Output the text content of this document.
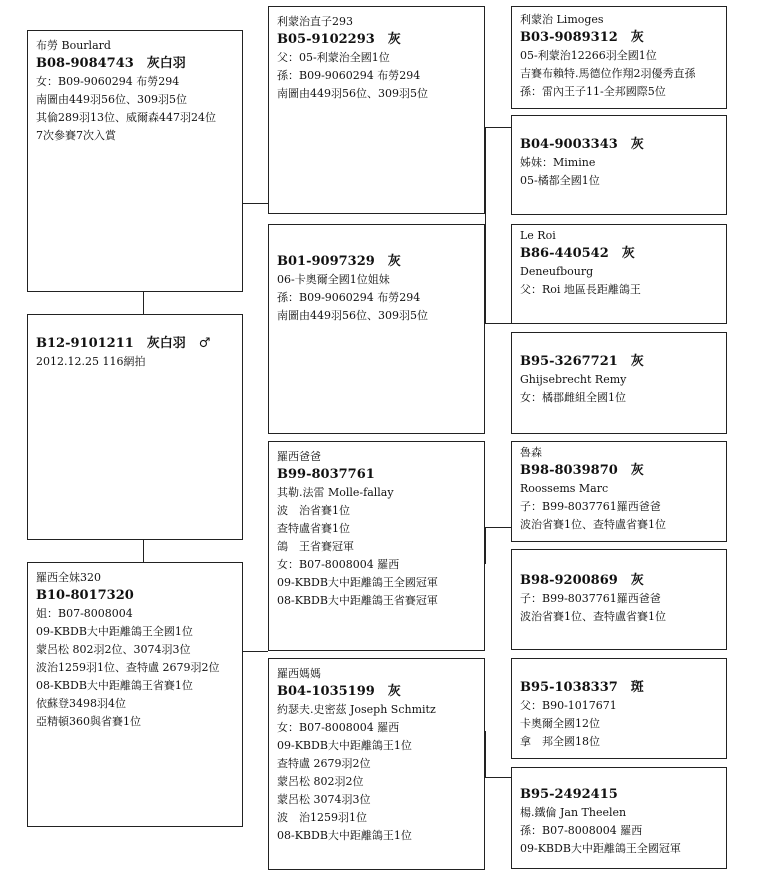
布勞 Bourlard
B08-9084743　灰白羽
女：B09-9060294 布勞294
南圖由449羽56位、309羽5位
其倫289羽13位、威爾森447羽24位
7次參賽7次入賞
B12-9101211　灰白羽　♂
2012.12.25 116網拍
羅西全妹320
B10-8017320
姐：B07-8008004
09-KBDB大中距離鴿王全國1位
蒙呂松 802羽2位、3074羽3位
波治1259羽1位、查特盧 2679羽2位
08-KBDB大中距離鴿王省賽1位
依蘇登3498羽4位
亞精頓360與省賽1位
利蒙治直子293
B05-9102293　灰
父：05-利蒙治全國1位
孫：B09-9060294 布勞294
南圖由449羽56位、309羽5位
B01-9097329　灰
06-卡奧爾全國1位姐妹
孫：B09-9060294 布勞294
南圖由449羽56位、309羽5位
羅西爸爸
B99-8037761
其勒.法雷 Molle-fallay
波　治省賽1位
查特盧省賽1位
鴿　王省賽冠軍
女：B07-8008004 羅西
09-KBDB大中距離鴿王全國冠軍
08-KBDB大中距離鴿王省賽冠軍
羅西媽媽
B04-1035199　灰
約瑟夫.史密茲 Joseph Schmitz
女：B07-8008004 羅西
09-KBDB大中距離鴿王1位
查特盧 2679羽2位
蒙呂松 802羽2位
蒙呂松 3074羽3位
波　治1259羽1位
08-KBDB大中距離鴿王1位
利蒙治 Limoges
B03-9089312　灰
05-利蒙治12266羽全國1位
吉賽布賴特.馬德位作翔2羽優秀直孫
孫：雷內王子11-全邦國際5位
B04-9003343　灰
姊妹：Mimine
05-橘都全國1位
Le Roi
B86-440542　灰
Deneufbourg
父：Roi 地區長距離鴿王
B95-3267721　灰
Ghijsebrecht Remy
女：橘郡雌組全國1位
魯森
B98-8039870　灰
Roossems Marc
子：B99-8037761羅西爸爸
波治省賽1位、查特盧省賽1位
B98-9200869　灰
子：B99-8037761羅西爸爸
波治省賽1位、查特盧省賽1位
B95-1038337　斑
父：B90-1017671
卡奧爾全國12位
拿　邦全國18位
B95-2492415
楊.鐵倫 Jan Theelen
孫：B07-8008004 羅西
09-KBDB大中距離鴿王全國冠軍
